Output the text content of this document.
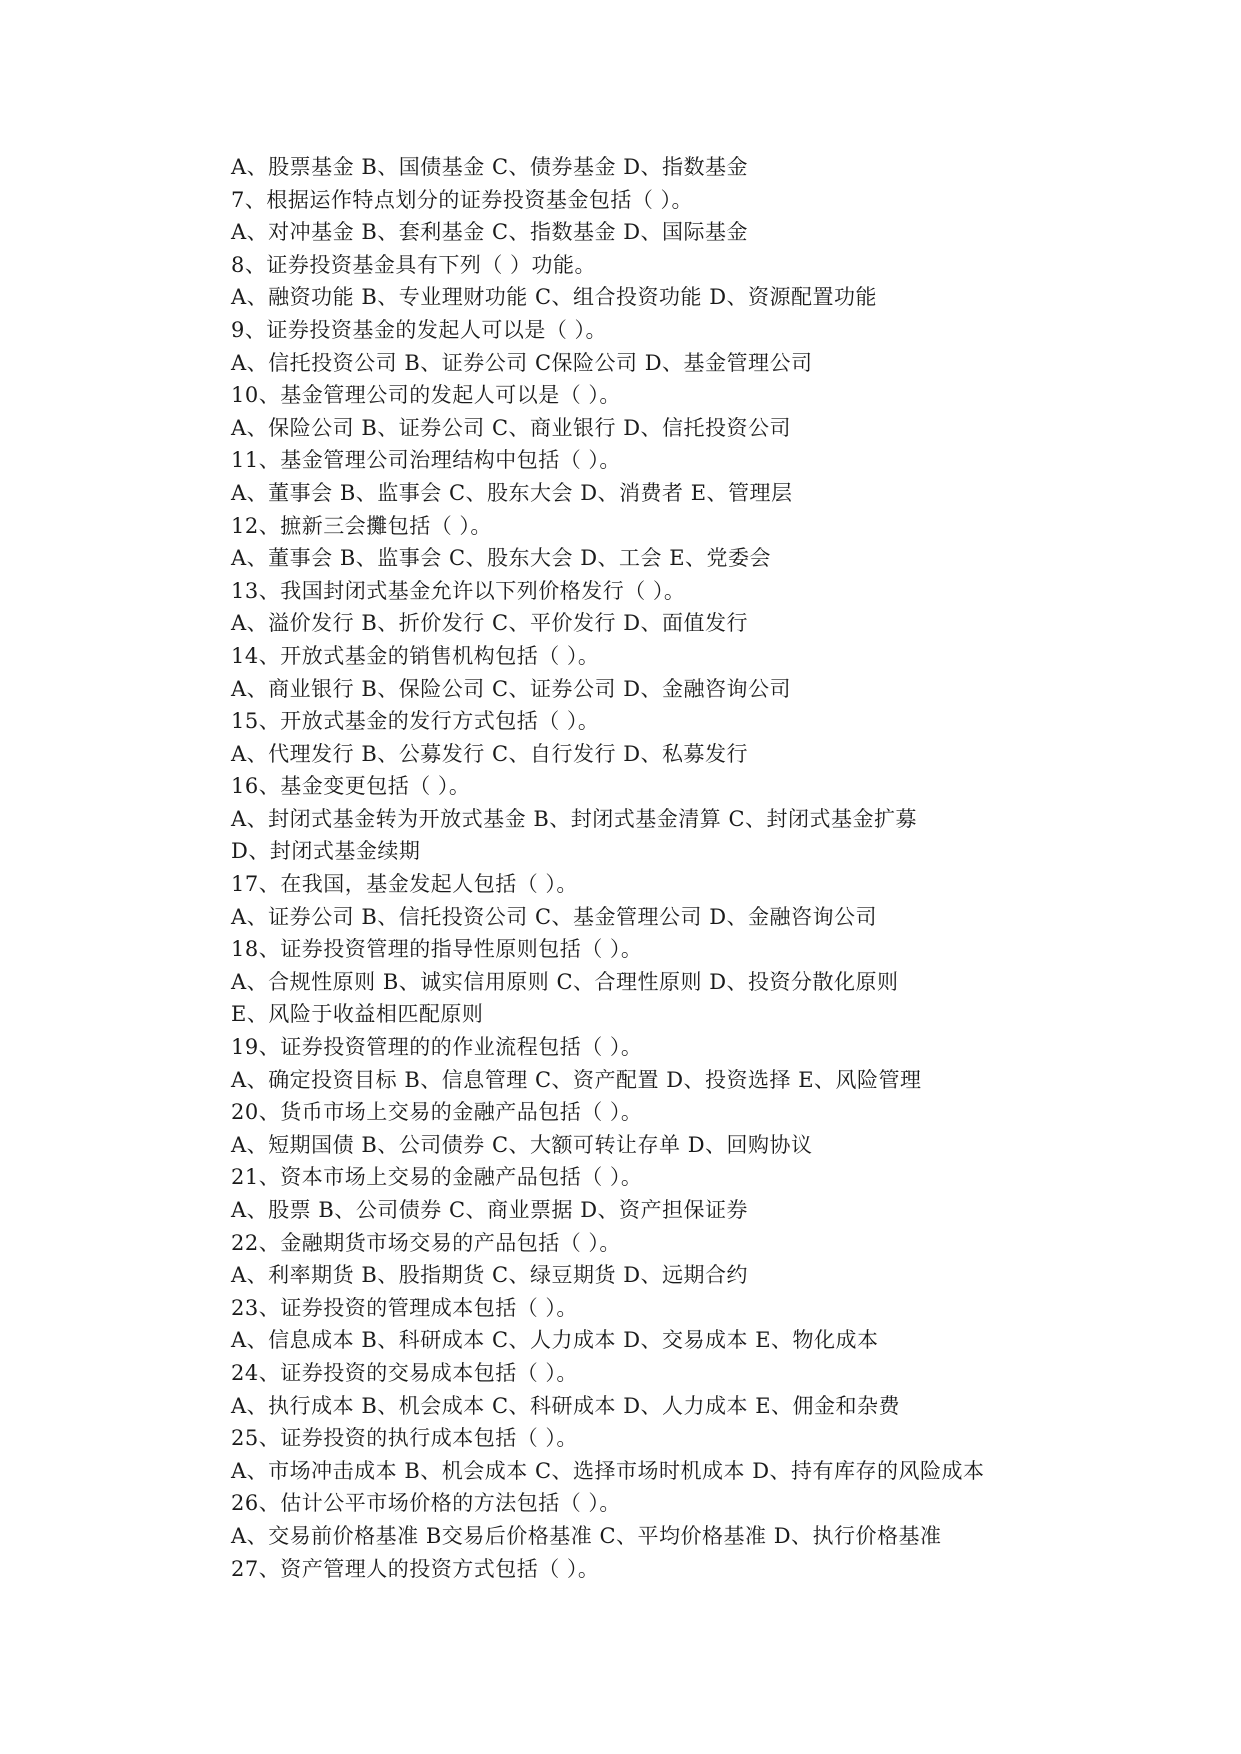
A、股票基金 B、国债基金 C、债券基金 D、指数基金
7、根据运作特点划分的证券投资基金包括（ ）。
A、对冲基金 B、套利基金 C、指数基金 D、国际基金
8、证券投资基金具有下列（ ）功能。
A、融资功能 B、专业理财功能 C、组合投资功能 D、资源配置功能
9、证券投资基金的发起人可以是（ ）。
A、信托投资公司 B、证券公司 C保险公司 D、基金管理公司
10、基金管理公司的发起人可以是（ ）。
A、保险公司 B、证券公司 C、商业银行 D、信托投资公司
11、基金管理公司治理结构中包括（ ）。
A、董事会 B、监事会 C、股东大会 D、消费者 E、管理层
12、摭新三会攤包括（ ）。
A、董事会 B、监事会 C、股东大会 D、工会 E、党委会
13、我国封闭式基金允许以下列价格发行（ ）。
A、溢价发行 B、折价发行 C、平价发行 D、面值发行
14、开放式基金的销售机构包括（ ）。
A、商业银行 B、保险公司 C、证券公司 D、金融咨询公司
15、开放式基金的发行方式包括（ ）。
A、代理发行 B、公募发行 C、自行发行 D、私募发行
16、基金变更包括（ ）。
A、封闭式基金转为开放式基金 B、封闭式基金清算 C、封闭式基金扩募
D、封闭式基金续期
17、在我国，基金发起人包括（ ）。
A、证券公司 B、信托投资公司 C、基金管理公司 D、金融咨询公司
18、证券投资管理的指导性原则包括（ ）。
A、合规性原则 B、诚实信用原则 C、合理性原则 D、投资分散化原则
E、风险于收益相匹配原则
19、证券投资管理的的作业流程包括（ ）。
A、确定投资目标 B、信息管理 C、资产配置 D、投资选择 E、风险管理
20、货币市场上交易的金融产品包括（ ）。
A、短期国债 B、公司债券 C、大额可转让存单 D、回购协议
21、资本市场上交易的金融产品包括（ ）。
A、股票 B、公司债券 C、商业票据 D、资产担保证券
22、金融期货市场交易的产品包括（ ）。
A、利率期货 B、股指期货 C、绿豆期货 D、远期合约
23、证券投资的管理成本包括（ ）。
A、信息成本 B、科研成本 C、人力成本 D、交易成本 E、物化成本
24、证券投资的交易成本包括（ ）。
A、执行成本 B、机会成本 C、科研成本 D、人力成本 E、佣金和杂费
25、证券投资的执行成本包括（ ）。
A、市场冲击成本 B、机会成本 C、选择市场时机成本 D、持有库存的风险成本
26、估计公平市场价格的方法包括（ ）。
A、交易前价格基准 B交易后价格基准 C、平均价格基准 D、执行价格基准
27、资产管理人的投资方式包括（ ）。
